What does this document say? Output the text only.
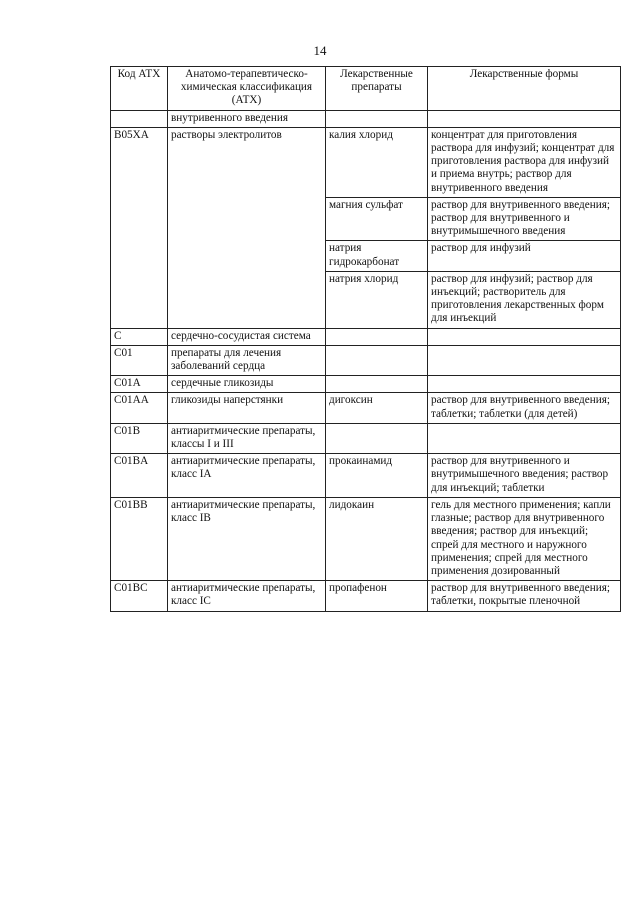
14
Код АТХ	Анатомо-терапевтическо-химическая классификация (АТХ)	Лекарственные препараты	Лекарственные формы
	внутривенного введения		
B05XA	растворы электролитов	калия хлорид	концентрат для приготовления раствора для инфузий; концентрат для приготовления раствора для инфузий и приема внутрь; раствор для внутривенного введения
		магния сульфат	раствор для внутривенного введения; раствор для внутривенного и внутримышечного введения
		натрия гидрокарбонат	раствор для инфузий
		натрия хлорид	раствор для инфузий; раствор для инъекций; растворитель для приготовления лекарственных форм для инъекций
C	сердечно-сосудистая система		
C01	препараты для лечения заболеваний сердца		
C01A	сердечные гликозиды		
C01AA	гликозиды наперстянки	дигоксин	раствор для внутривенного введения; таблетки; таблетки (для детей)
C01B	антиаритмические препараты, классы I и III		
C01BA	антиаритмические препараты, класс IA	прокаинамид	раствор для внутривенного и внутримышечного введения; раствор для инъекций; таблетки
C01BB	антиаритмические препараты, класс IB	лидокаин	гель для местного применения; капли глазные; раствор для внутривенного введения; раствор для инъекций; спрей для местного и наружного применения; спрей для местного применения дозированный
C01BC	антиаритмические препараты, класс IC	пропафенон	раствор для внутривенного введения; таблетки, покрытые пленочной
